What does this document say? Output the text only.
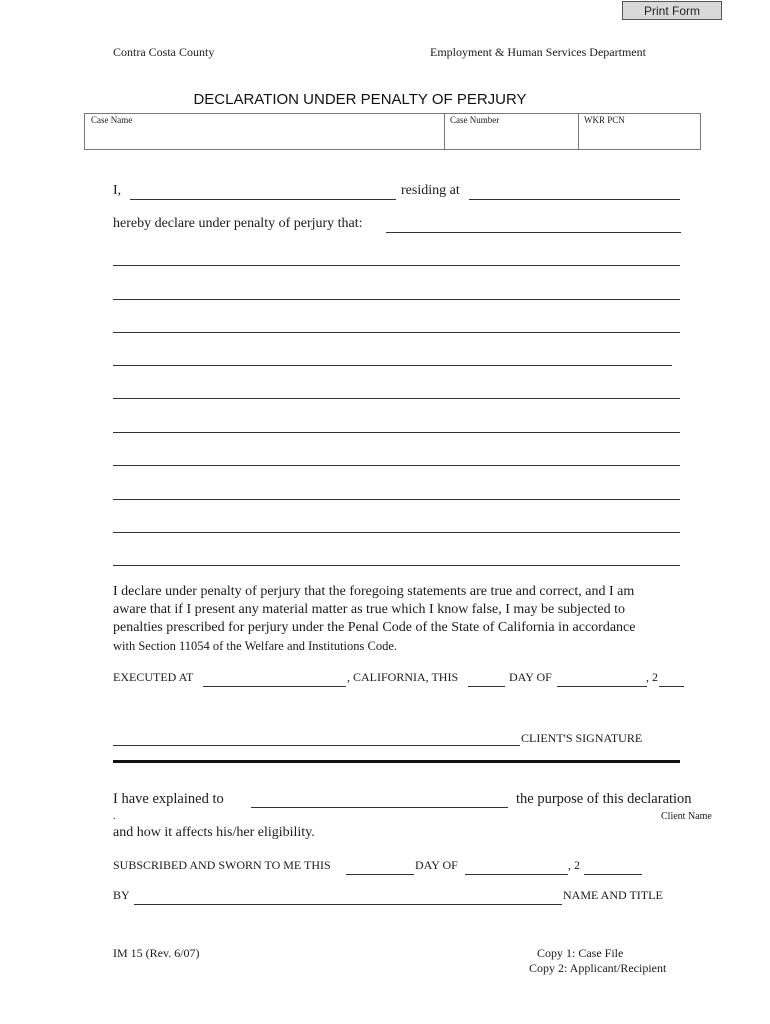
Print Form
Contra Costa County	Employment & Human Services Department
DECLARATION UNDER PENALTY OF PERJURY
Case Name	Case Number	WKR PCN
I,	residing at
hereby declare under penalty of perjury that:
I declare under penalty of perjury that the foregoing statements are true and correct, and I am
aware that if I present any material matter as true which I know false, I may be subjected to
penalties prescribed for perjury under the Penal Code of the State of California in accordance
with Section 11054 of the Welfare and Institutions Code.
EXECUTED AT	, CALIFORNIA, THIS	DAY OF	, 2
CLIENT'S SIGNATURE
I have explained to	the purpose of this declaration
.	Client Name
and how it affects his/her eligibility.
SUBSCRIBED AND SWORN TO ME THIS	DAY OF	, 2
BY	NAME AND TITLE
IM 15 (Rev. 6/07)	Copy 1: Case File
Copy 2: Applicant/Recipient
